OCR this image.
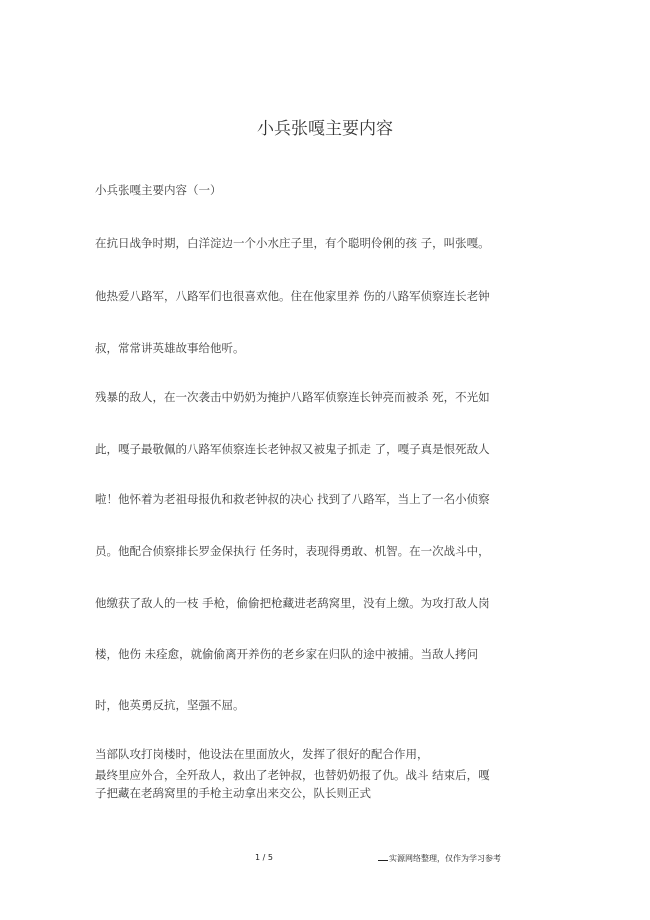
小兵张嘎主要内容
小兵张嘎主要内容（一）
在抗日战争时期，白洋淀边一个小水庄子里，有个聪明伶俐的孩 子，叫张嘎。
他热爱八路军，八路军们也很喜欢他。住在他家里养 伤的八路军侦察连长老钟
叔，常常讲英雄故事给他听。
残暴的敌人，在一次袭击中奶奶为掩护八路军侦察连长钟亮而被杀 死，不光如
此，嘎子最敬佩的八路军侦察连长老钟叔又被鬼子抓走 了，嘎子真是恨死敌人
啦！他怀着为老祖母报仇和救老钟叔的决心 找到了八路军，当上了一名小侦察
员。他配合侦察排长罗金保执行 任务时，表现得勇敢、机智。在一次战斗中，
他缴获了敌人的一枝 手枪，偷偷把枪藏进老鸹窝里，没有上缴。为攻打敌人岗
楼，他伤 未痊愈，就偷偷离开养伤的老乡家在归队的途中被捕。当敌人拷问
时，他英勇反抗，坚强不屈。
当部队攻打岗楼时，他设法在里面放火，发挥了很好的配合作用，
最终里应外合，全歼敌人，救出了老钟叔，也替奶奶报了仇。战斗 结束后，嘎
子把藏在老鸹窝里的手枪主动拿出来交公，队长则正式
1 / 5	实源网络整理，仅作为学习参考
